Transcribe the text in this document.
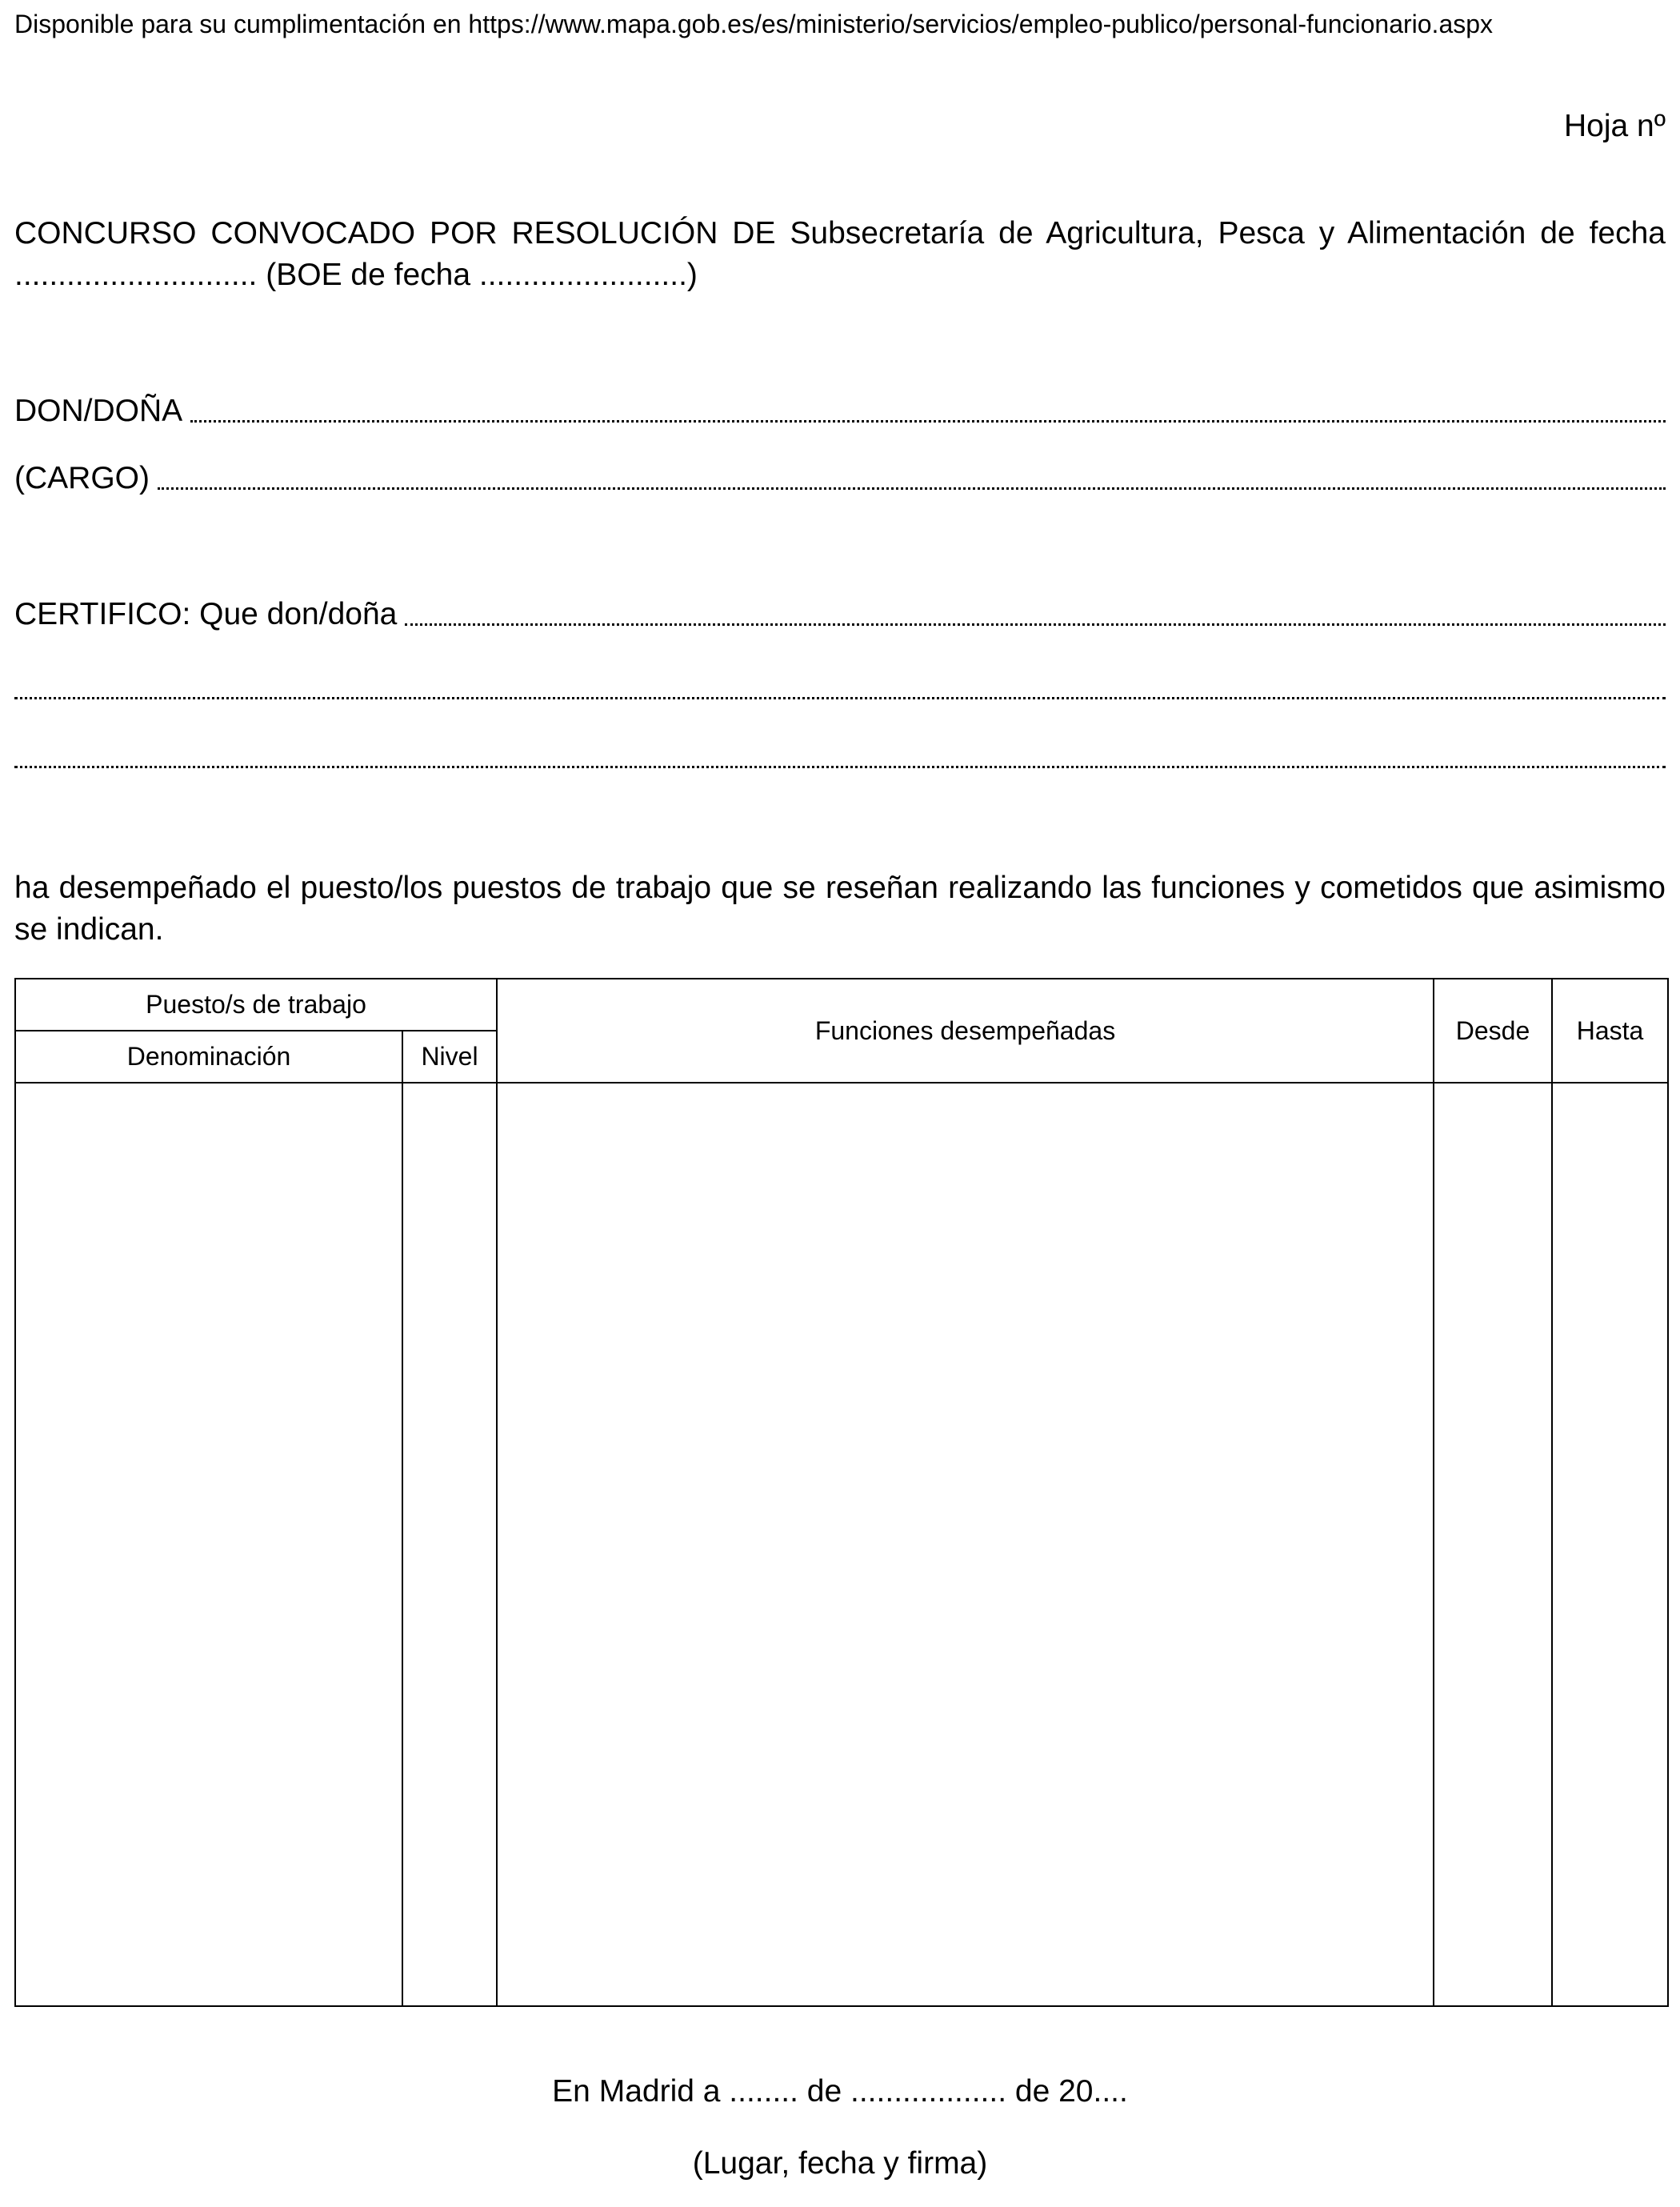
Disponible para su cumplimentación en https://www.mapa.gob.es/es/ministerio/servicios/empleo-publico/personal-funcionario.aspx
Hoja nº
CONCURSO CONVOCADO POR RESOLUCIÓN DE Subsecretaría de Agricultura, Pesca y Alimentación de fecha ............................ (BOE de fecha ........................)
DON/DOÑA
(CARGO)
CERTIFICO: Que don/doña
ha desempeñado el puesto/los puestos de trabajo que se reseñan realizando las funciones y cometidos que asimismo se indican.
Puesto/s de trabajo		Funciones desempeñadas	Desde	Hasta
Denominación	Nivel			

En Madrid a ........ de .................. de 20....
(Lugar, fecha y firma)
